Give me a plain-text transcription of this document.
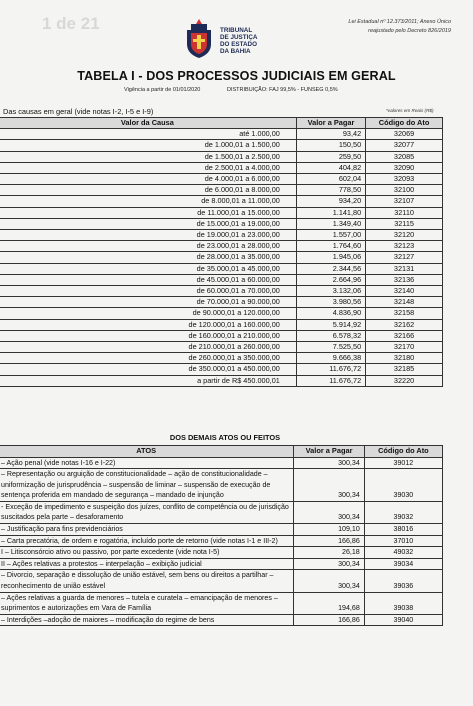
1 de 21	TRIBUNAL
DE JUSTIÇA
DO ESTADO
DA BAHIA
Lei Estadual nº 12.373/2011; Anexo Único
reajustado pelo Decreto 826/2019
TABELA I - DOS PROCESSOS JUDICIAIS EM GERAL
Vigência a partir de 01/01/2020	DISTRIBUIÇÃO: FAJ 99,5% - FUNSEG 0,5%
Das causas em geral (vide notas I-2, I-5 e I-9)	*valores em Reais (R$)
Valor da Causa	Valor a Pagar	Código do Ato
até 1.000,00	93,42	32069
de 1.000,01 a 1.500,00	150,50	32077
de 1.500,01 a 2.500,00	259,50	32085
de 2.500,01 a 4.000,00	404,82	32090
de 4.000,01 a 6.000,00	602,04	32093
de 6.000,01 a 8.000,00	778,50	32100
de 8.000,01 a 11.000,00	934,20	32107
de 11.000,01 a 15.000,00	1.141,80	32110
de 15.000,01 a 19.000,00	1.349,40	32115
de 19.000,01 a 23.000,00	1.557,00	32120
de 23.000,01 a 28.000,00	1.764,60	32123
de 28.000,01 a 35.000,00	1.945,06	32127
de 35.000,01 a 45.000,00	2.344,56	32131
de 45.000,01 a 60.000,00	2.664,96	32136
de 60.000,01 a 70.000,00	3.132,06	32140
de 70.000,01 a 90.000,00	3.980,56	32148
de 90.000,01 a 120.000,00	4.836,90	32158
de 120.000,01 a 160.000,00	5.914,92	32162
de 160.000,01 a 210.000,00	6.578,32	32166
de 210.000,01 a 260.000,00	7.525,50	32170
de 260.000,01 a 350.000,00	9.666,38	32180
de 350.000,01 a 450.000,00	11.676,72	32185
a partir de R$ 450.000,01	11.676,72	32220
DOS DEMAIS ATOS OU FEITOS
ATOS	Valor a Pagar	Código do Ato
– Ação penal (vide notas I-16 e I-22)	300,34	39012
– Representação ou arguição de constitucionalidade – ação de constitucionalidade – uniformização de jurisprudência – suspensão de liminar – suspensão de execução de sentença proferida em mandado de segurança – mandado de injunção	300,34	39030
- Exceção de impedimento e suspeição dos juízes, conflito de competência ou de jurisdição suscitados pela parte – desaforamento	300,34	39032
– Justificação para fins previdenciários	109,10	38016
– Carta precatória, de ordem e rogatória, incluído porte de retorno (vide notas I-1 e III-2)	166,86	37010
I – Litisconsórcio ativo ou passivo, por parte excedente (vide nota I-5)	26,18	49032
II – Ações relativas a protestos – interpelação – exibição judicial	300,34	39034
– Divorcio, separação e dissolução de união estável, sem bens ou direitos a partilhar – reconhecimento de união estável	300,34	39036
– Ações relativas a guarda de menores – tutela e curatela – emancipação de menores – suprimentos e autorizações em Vara de Família	194,68	39038
– Interdições –adoção de maiores – modificação do regime de bens	166,86	39040
